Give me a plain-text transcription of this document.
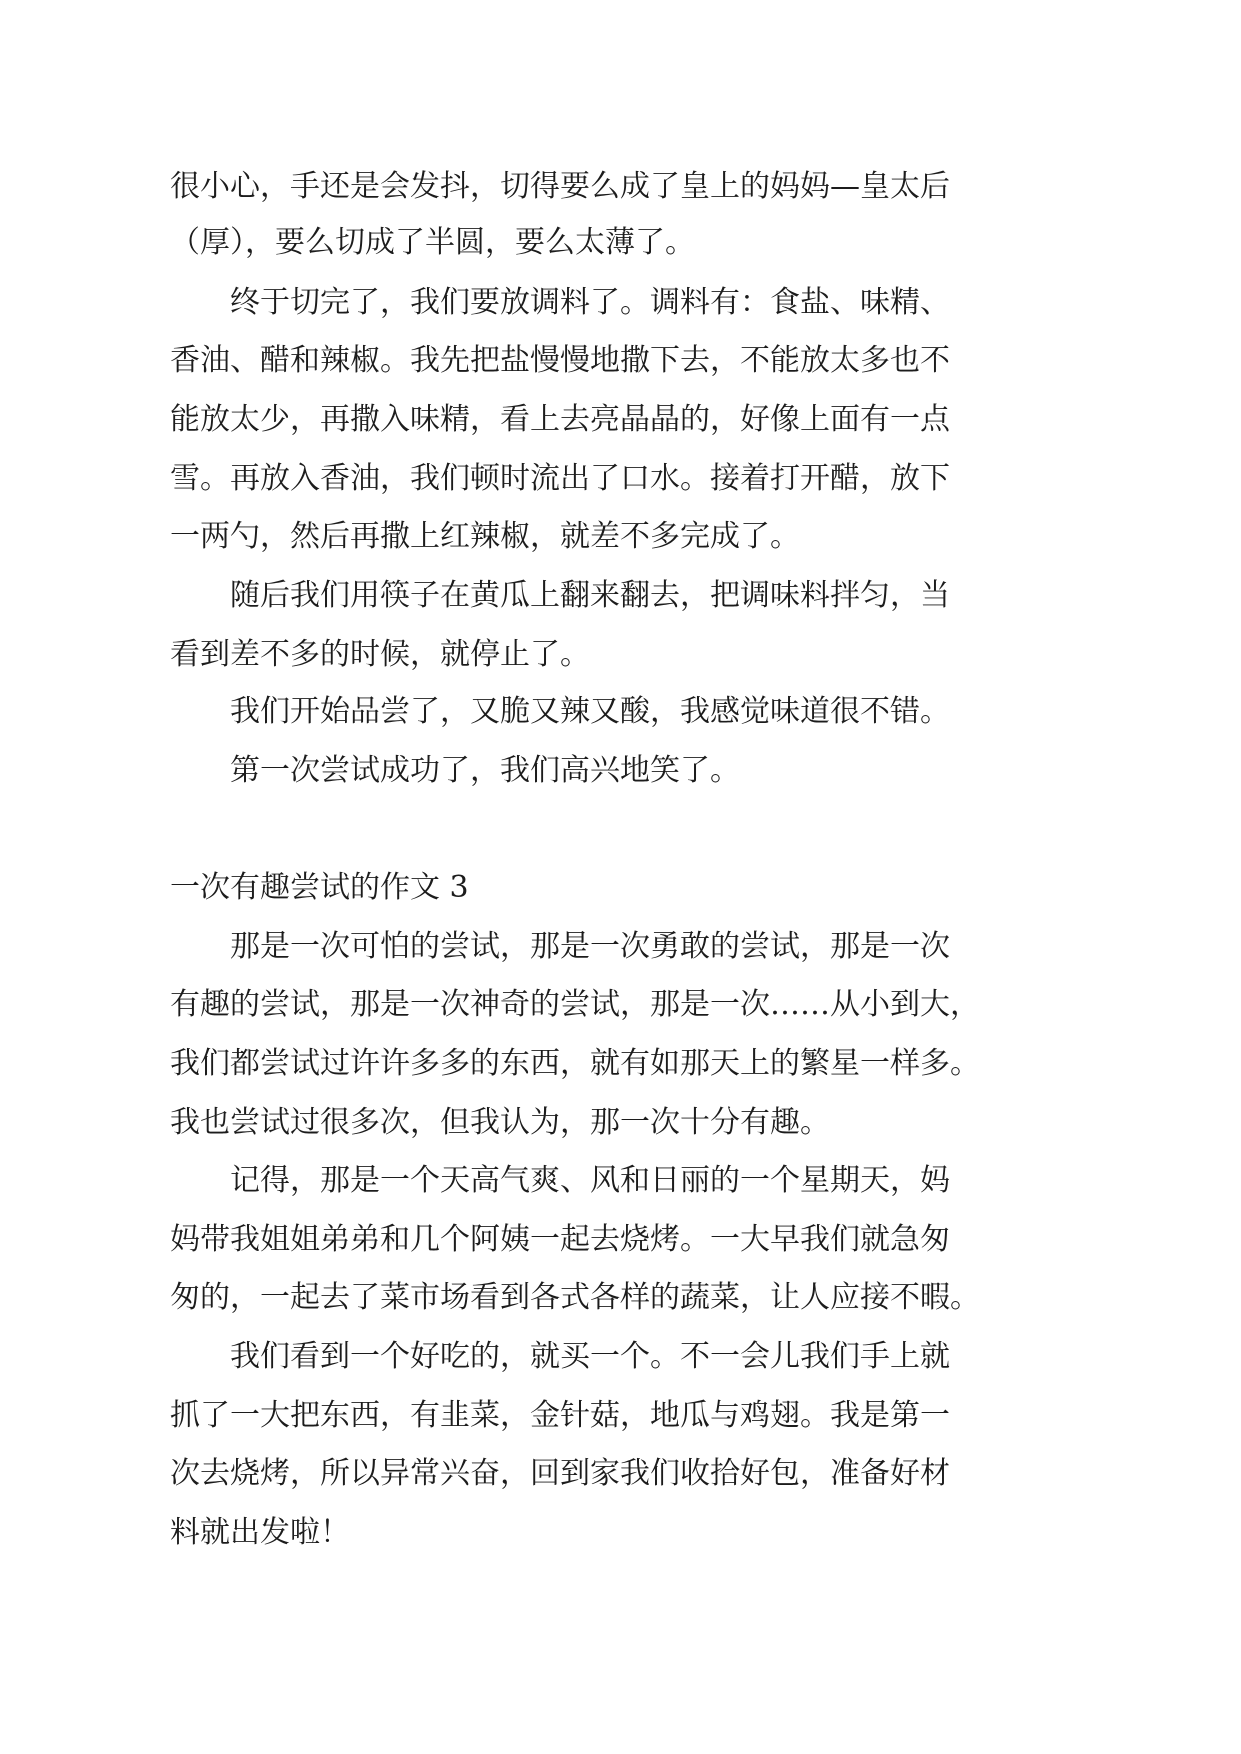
很小心，手还是会发抖，切得要么成了皇上的妈妈—皇太后

（厚），要么切成了半圆，要么太薄了。

终于切完了，我们要放调料了。调料有：食盐、味精、

香油、醋和辣椒。我先把盐慢慢地撒下去，不能放太多也不

能放太少，再撒入味精，看上去亮晶晶的，好像上面有一点

雪。再放入香油，我们顿时流出了口水。接着打开醋，放下

一两勺，然后再撒上红辣椒，就差不多完成了。

随后我们用筷子在黄瓜上翻来翻去，把调味料拌匀，当

看到差不多的时候，就停止了。

我们开始品尝了，又脆又辣又酸，我感觉味道很不错。

第一次尝试成功了，我们高兴地笑了。

一次有趣尝试的作文 3

那是一次可怕的尝试，那是一次勇敢的尝试，那是一次

有趣的尝试，那是一次神奇的尝试，那是一次……从小到大，

我们都尝试过许许多多的东西，就有如那天上的繁星一样多。

我也尝试过很多次，但我认为，那一次十分有趣。

记得，那是一个天高气爽、风和日丽的一个星期天，妈

妈带我姐姐弟弟和几个阿姨一起去烧烤。一大早我们就急匆

匆的，一起去了菜市场看到各式各样的蔬菜，让人应接不暇。

我们看到一个好吃的，就买一个。不一会儿我们手上就

抓了一大把东西，有韭菜，金针菇，地瓜与鸡翅。我是第一

次去烧烤，所以异常兴奋，回到家我们收拾好包，准备好材

料就出发啦！
